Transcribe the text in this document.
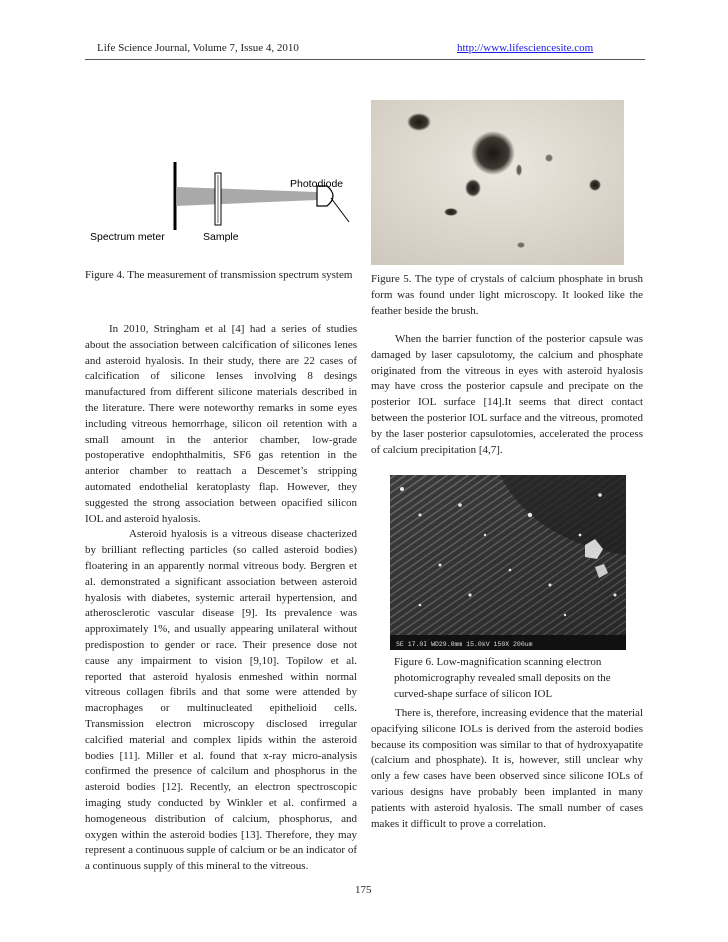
Life Science Journal, Volume 7, Issue 4, 2010	http://www.lifesciencesite.com
Photodiode
Spectrum meter	Sample
Figure 4. The measurement of transmission spectrum system Figure 5. The type of crystals of calcium phosphate in brush form was found under light microscopy. It looked like the feather beside the brush.
SE 17.0I WD29.0mm 15.0kV 150X 200um
Figure 6. Low-magnification scanning electron photomicrography revealed small deposits on the curved-shape surface of silicon IOL

In 2010, Stringham et al [4] had a series of studies about the association between calcification of silicones lenes and asteroid hyalosis. In their study, there are 22 cases of calcification of silicone lenses involving 8 desings manufactured from different silicone materials described in the literature. There were noteworthy remarks in some eyes including vitreous hemorrhage, silicon oil retention with a small amount in the anterior chamber, low-grade postoperative endophthalmitis, SF6 gas retention in the anterior chamber to reattach a Descemet’s stripping automated endothelial keratoplasty flap. However, they suggested the strong association between opacified silicon IOL and asteroid hyalosis.

Asteroid hyalosis is a vitreous disease chacterized by brilliant reflecting particles (so called asteroid bodies) floatering in an apparently normal vitreous body. Bergren et al. demonstrated a significant association between asteroid hyalosis with diabetes, systemic arterail hypertension, and atherosclerotic vascular disease [9]. Its prevalence was approximately 1%, and usually appearing unilateral without predispostion to gender or race. Their presence dose not cause any impairment to vision [9,10]. Topilow et al. reported that asteroid hyalosis enmeshed within normal vitreous collagen fibrils and that some were attended by macrophages or multinucleated epithelioid cells. Transmission electron microscopy disclosed irregular calcified material and complex lipids within the asteroid bodies [11]. Miller et al. found that x-ray micro-analysis confirmed the presence of calcilum and phosphorus in the asteroid bodies [12]. Recently, an electron spectroscopic imaging study conducted by Winkler et al. confirmed a homogeneous distribution of calcium, phosphorus, and oxygen within the asteroid bodies [13]. Therefore, they may represent a continuous supple of calcium or be an indicator of a continuous supply of this mineral to the vitreous.

When the barrier function of the posterior capsule was damaged by laser capsulotomy, the calcium and phosphate originated from the vitreous in eyes with asteroid hyalosis may have cross the posterior capsule and precipate on the posterior IOL surface [14].It seems that direct contact between the posterior IOL surface and the vitreous, promoted by the laser posterior capsulotomies, accelerated the process of calcium precipitation [4,7].

There is, therefore, increasing evidence that the material opacifying silicone IOLs is derived from the asteroid bodies because its composition was similar to that of hydroxyapatite (calcium and phosphate). It is, however, still unclear why only a few cases have been observed since silicone IOLs of various designs have probably been implanted in many patients with asteroid hyalosis. The small number of cases makes it difficult to prove a correlation.

175
